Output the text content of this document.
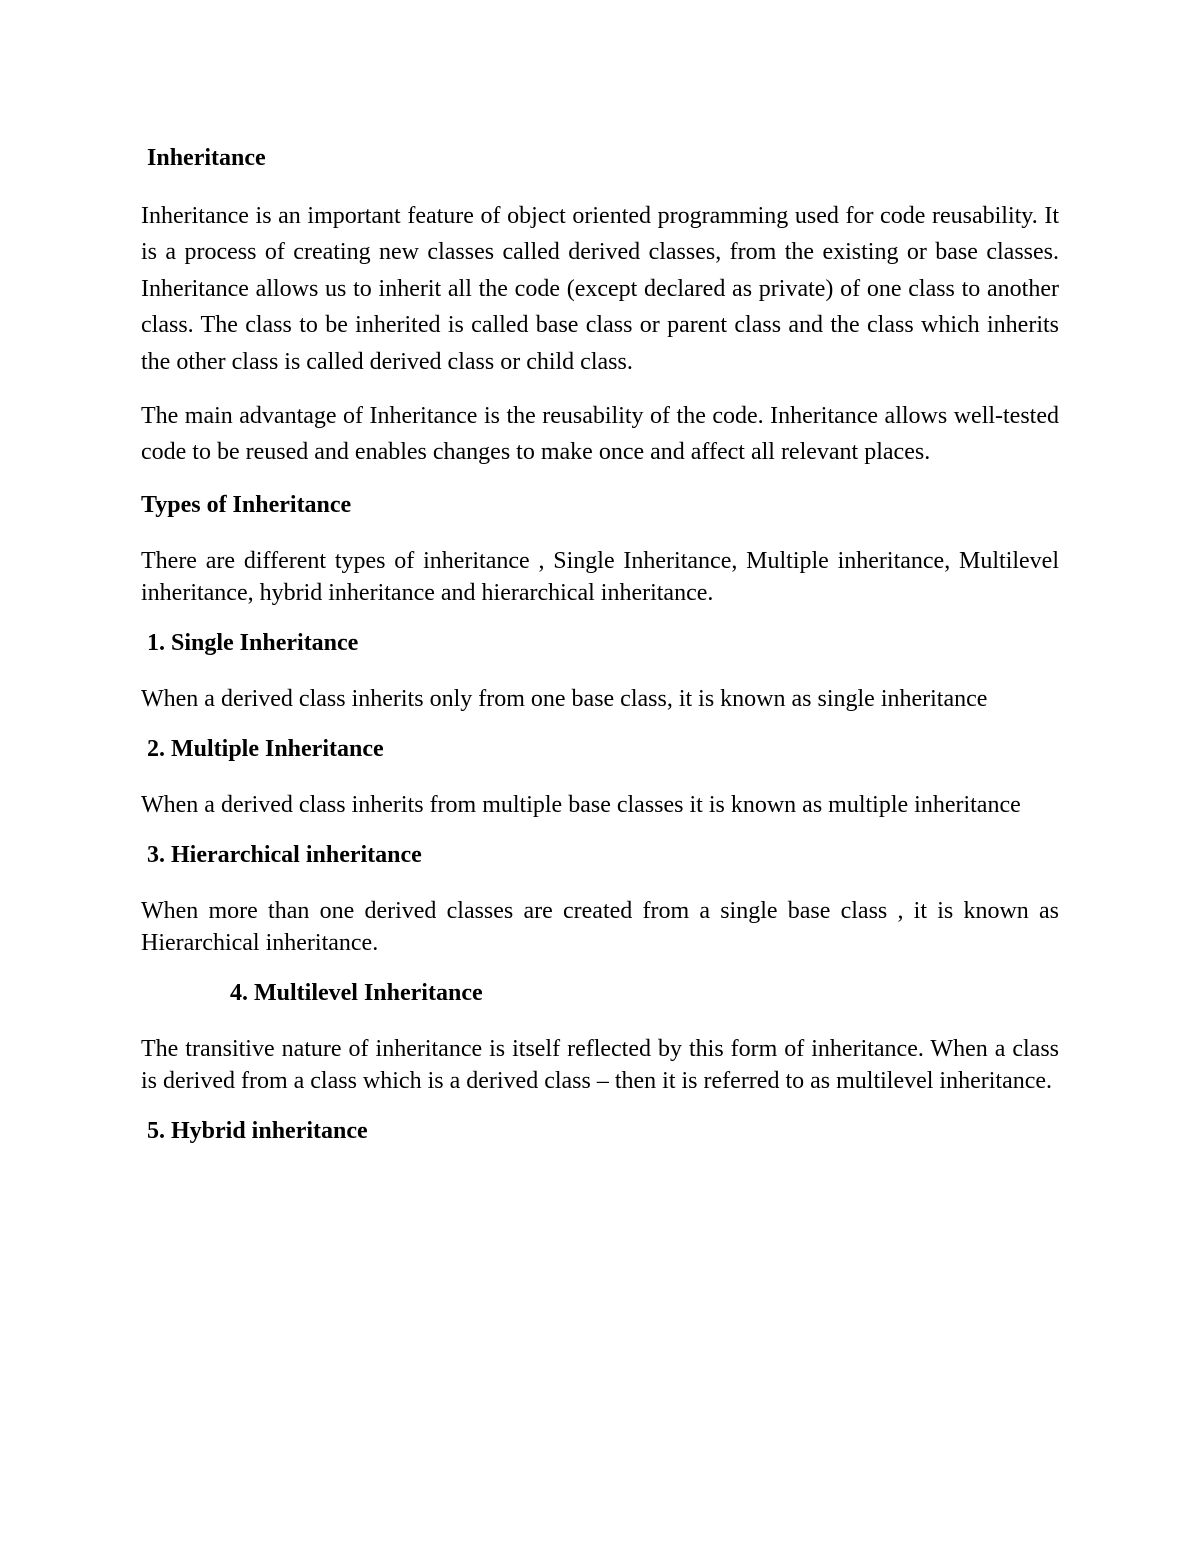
Inheritance

Inheritance is an important feature of object oriented programming used for code reusability. It is a process of creating new classes called derived classes, from the existing or base classes. Inheritance allows us to inherit all the code (except declared as private) of one class to another class. The class to be inherited is called base class or parent class and the class which inherits the other class is called derived class or child class.

The main advantage of Inheritance is the reusability of the code. Inheritance allows well-tested code to be reused and enables changes to make once and affect all relevant places.

Types of Inheritance

There are different types of inheritance , Single Inheritance, Multiple inheritance, Multilevel inheritance, hybrid inheritance and hierarchical inheritance.

1. Single Inheritance

When a derived class inherits only from one base class, it is known as single inheritance

2. Multiple Inheritance

When a derived class inherits from multiple base classes it is known as multiple inheritance

3. Hierarchical inheritance

When more than one derived classes are created from a single base class , it is known as Hierarchical inheritance.

4. Multilevel Inheritance

The transitive nature of inheritance is itself reflected by this form of inheritance. When a class is derived from a class which is a derived class – then it is referred to as multilevel inheritance.

5. Hybrid inheritance
